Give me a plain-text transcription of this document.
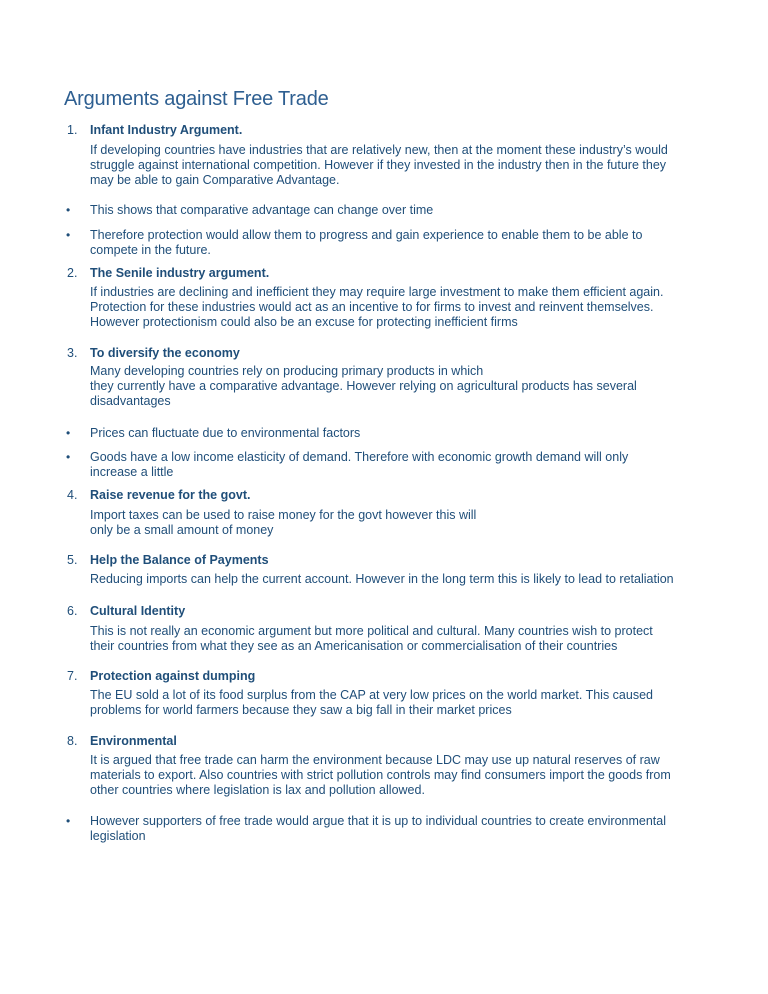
Arguments against Free Trade
1. Infant Industry Argument.
If developing countries have industries that are relatively new, then at the moment these industry’s would
struggle against international competition. However if they invested in the industry then in the future they
may be able to gain Comparative Advantage.
• This shows that comparative advantage can change over time
• Therefore protection would allow them to progress and gain experience to enable them to be able to
compete in the future.
2. The Senile industry argument.
If industries are declining and inefficient they may require large investment to make them efficient again.
Protection for these industries would act as an incentive to for firms to invest and reinvent themselves.
However protectionism could also be an excuse for protecting inefficient firms
3. To diversify the economy
Many developing countries rely on producing primary products in which
they currently have a comparative advantage. However relying on agricultural products has several
disadvantages
• Prices can fluctuate due to environmental factors
• Goods have a low income elasticity of demand. Therefore with economic growth demand will only
increase a little
4. Raise revenue for the govt.
Import taxes can be used to raise money for the govt however this will
only be a small amount of money
5. Help the Balance of Payments
Reducing imports can help the current account. However in the long term this is likely to lead to retaliation
6. Cultural Identity
This is not really an economic argument but more political and cultural. Many countries wish to protect
their countries from what they see as an Americanisation or commercialisation of their countries
7. Protection against dumping
The EU sold a lot of its food surplus from the CAP at very low prices on the world market. This caused
problems for world farmers because they saw a big fall in their market prices
8. Environmental
It is argued that free trade can harm the environment because LDC may use up natural reserves of raw
materials to export. Also countries with strict pollution controls may find consumers import the goods from
other countries where legislation is lax and pollution allowed.
• However supporters of free trade would argue that it is up to individual countries to create environmental
legislation
